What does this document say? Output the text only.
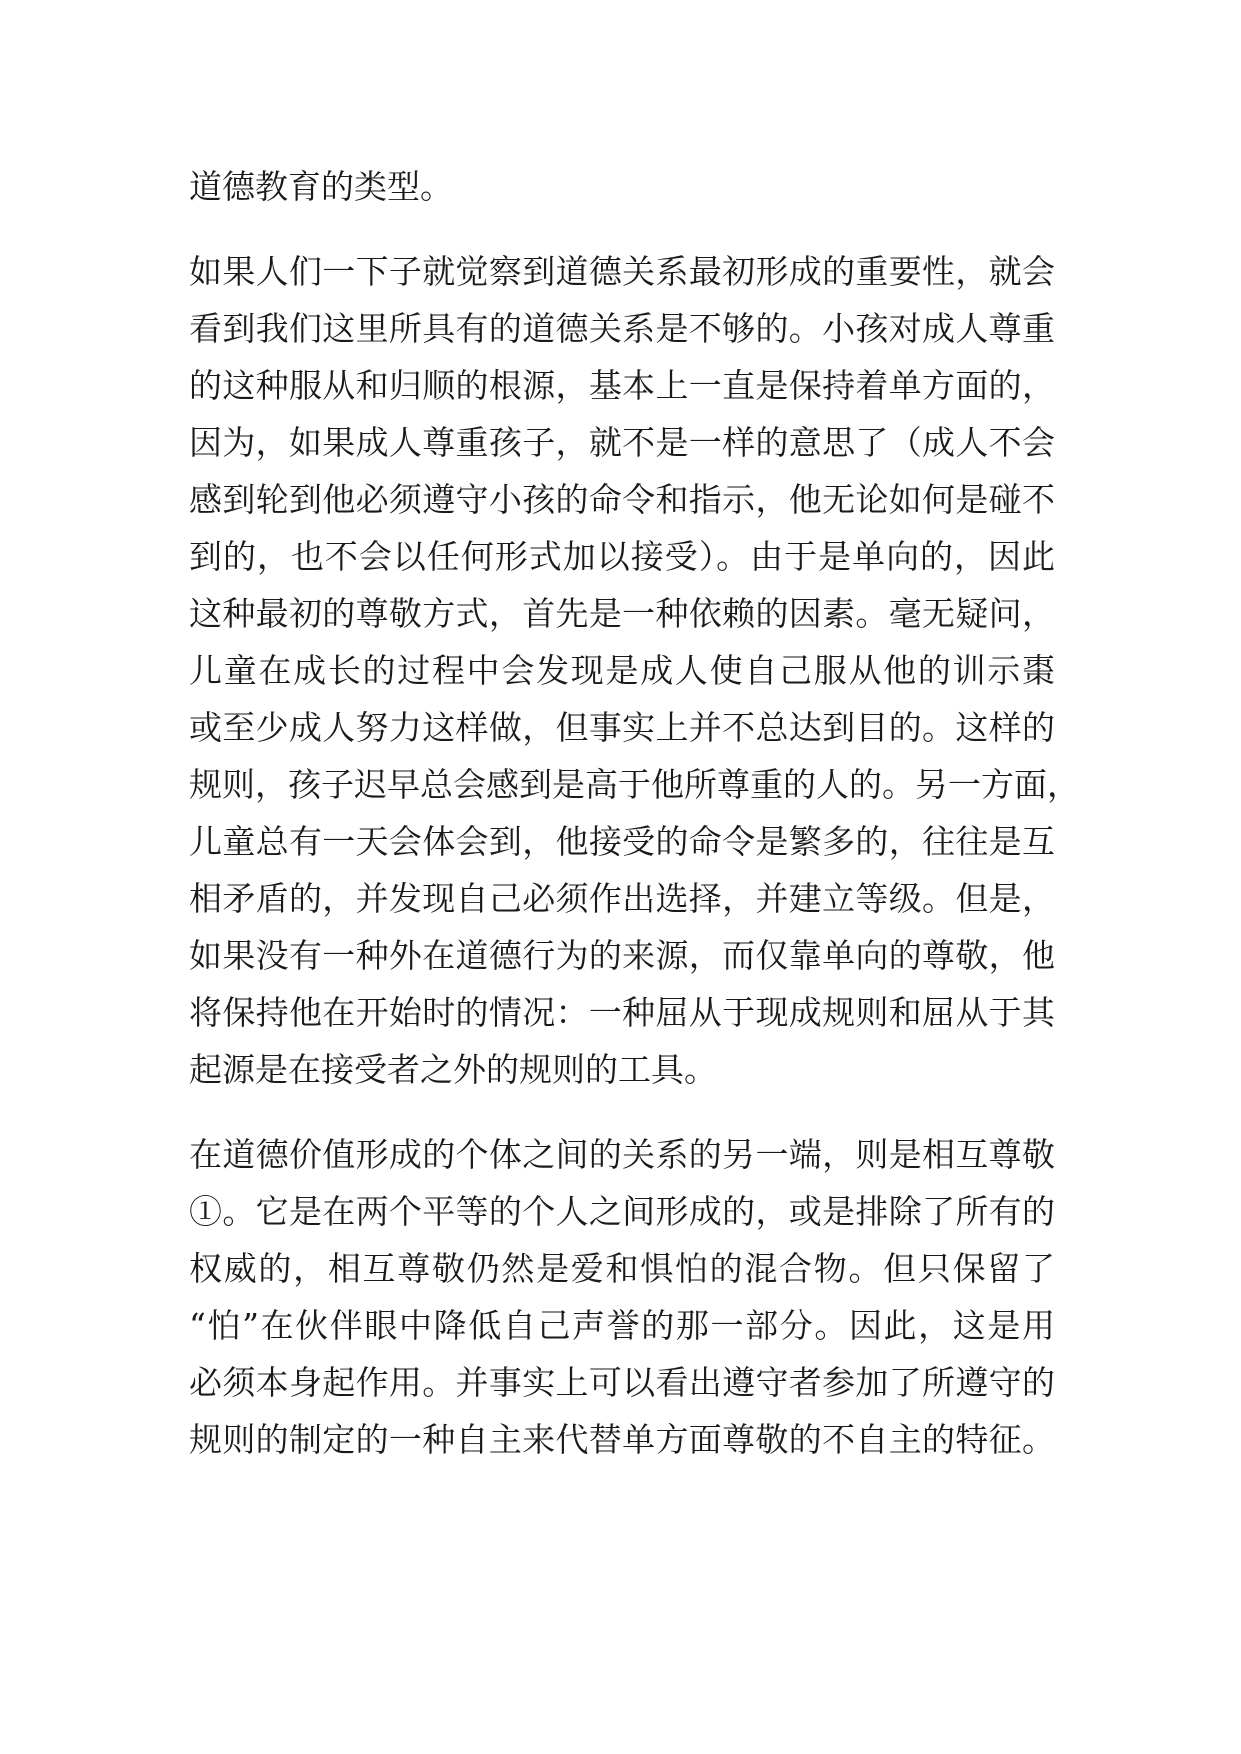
道德教育的类型。
如果人们一下子就觉察到道德关系最初形成的重要性，就会
看到我们这里所具有的道德关系是不够的。小孩对成人尊重
的这种服从和归顺的根源，基本上一直是保持着单方面的，
因为，如果成人尊重孩子，就不是一样的意思了（成人不会
感到轮到他必须遵守小孩的命令和指示，他无论如何是碰不
到的，也不会以任何形式加以接受）。由于是单向的，因此
这种最初的尊敬方式，首先是一种依赖的因素。毫无疑问，
儿童在成长的过程中会发现是成人使自己服从他的训示棗
或至少成人努力这样做，但事实上并不总达到目的。这样的
规则，孩子迟早总会感到是高于他所尊重的人的。另一方面，
儿童总有一天会体会到，他接受的命令是繁多的，往往是互
相矛盾的，并发现自己必须作出选择，并建立等级。但是，
如果没有一种外在道德行为的来源，而仅靠单向的尊敬，他
将保持他在开始时的情况：一种屈从于现成规则和屈从于其
起源是在接受者之外的规则的工具。
在道德价值形成的个体之间的关系的另一端，则是相互尊敬
①。它是在两个平等的个人之间形成的，或是排除了所有的
权威的，相互尊敬仍然是爱和惧怕的混合物。但只保留了
“怕”在伙伴眼中降低自己声誉的那一部分。因此，这是用
必须本身起作用。并事实上可以看出遵守者参加了所遵守的
规则的制定的一种自主来代替单方面尊敬的不自主的特征。
